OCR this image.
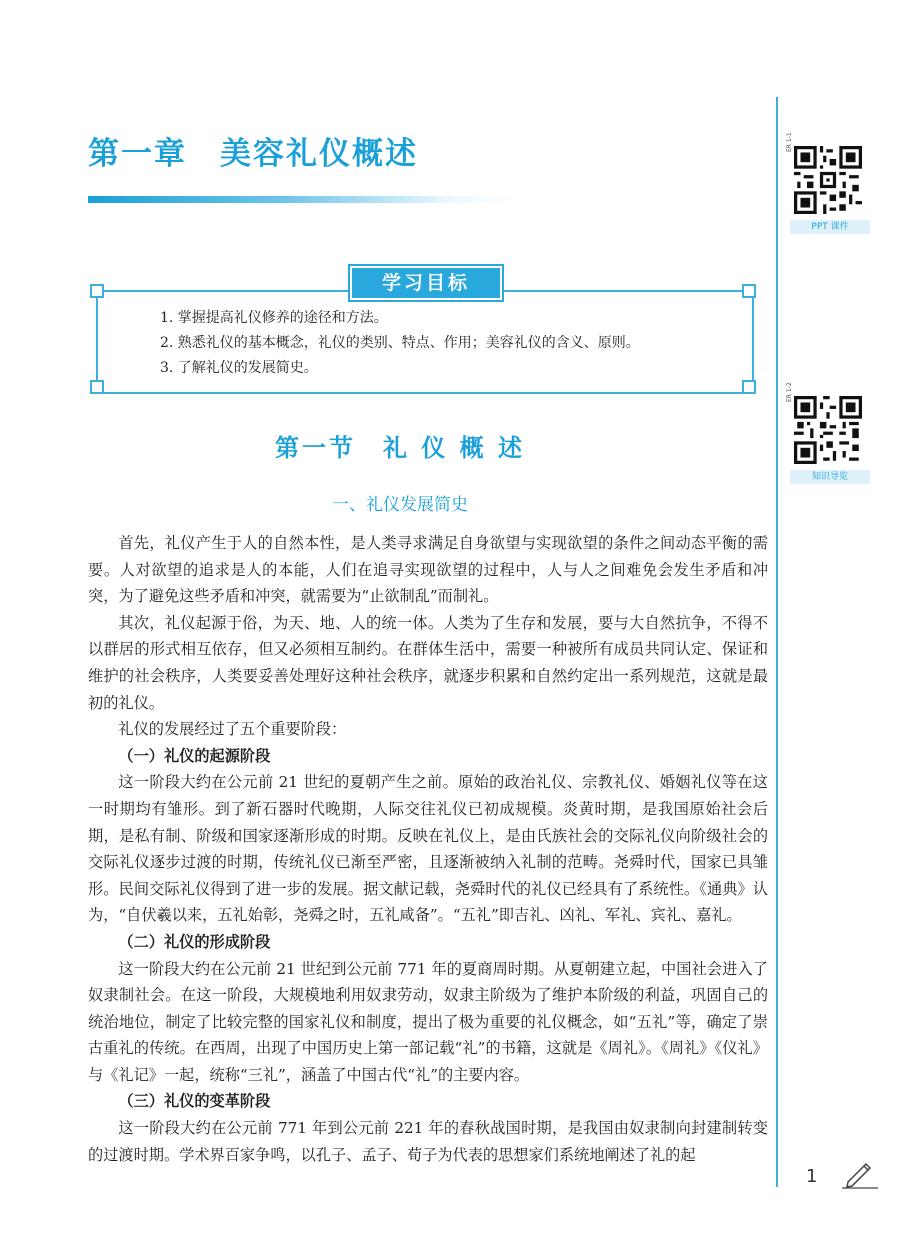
第一章　美容礼仪概述	ER 1-1
PPT 课件
ER 1-2
知识导览
学习目标
1. 掌握提高礼仪修养的途径和方法。
2. 熟悉礼仪的基本概念，礼仪的类别、特点、作用；美容礼仪的含义、原则。
3. 了解礼仪的发展简史。
第一节　礼 仪 概 述
一、礼仪发展简史

首先，礼仪产生于人的自然本性，是人类寻求满足自身欲望与实现欲望的条件之间动态平衡的需要。人对欲望的追求是人的本能，人们在追寻实现欲望的过程中，人与人之间难免会发生矛盾和冲突，为了避免这些矛盾和冲突，就需要为“止欲制乱”而制礼。

其次，礼仪起源于俗，为天、地、人的统一体。人类为了生存和发展，要与大自然抗争，不得不以群居的形式相互依存，但又必须相互制约。在群体生活中，需要一种被所有成员共同认定、保证和维护的社会秩序，人类要妥善处理好这种社会秩序，就逐步积累和自然约定出一系列规范，这就是最初的礼仪。

礼仪的发展经过了五个重要阶段：

（一）礼仪的起源阶段

这一阶段大约在公元前 21 世纪的夏朝产生之前。原始的政治礼仪、宗教礼仪、婚姻礼仪等在这一时期均有雏形。到了新石器时代晚期，人际交往礼仪已初成规模。炎黄时期，是我国原始社会后期，是私有制、阶级和国家逐渐形成的时期。反映在礼仪上，是由氏族社会的交际礼仪向阶级社会的交际礼仪逐步过渡的时期，传统礼仪已渐至严密，且逐渐被纳入礼制的范畴。尧舜时代，国家已具雏形。民间交际礼仪得到了进一步的发展。据文献记载，尧舜时代的礼仪已经具有了系统性。《通典》认为，“自伏羲以来，五礼始彰，尧舜之时，五礼咸备”。“五礼”即吉礼、凶礼、军礼、宾礼、嘉礼。

（二）礼仪的形成阶段

这一阶段大约在公元前 21 世纪到公元前 771 年的夏商周时期。从夏朝建立起，中国社会进入了奴隶制社会。在这一阶段，大规模地利用奴隶劳动，奴隶主阶级为了维护本阶级的利益，巩固自己的统治地位，制定了比较完整的国家礼仪和制度，提出了极为重要的礼仪概念，如“五礼”等，确定了崇古重礼的传统。在西周，出现了中国历史上第一部记载“礼”的书籍，这就是《周礼》。《周礼》《仪礼》与《礼记》一起，统称“三礼”，涵盖了中国古代“礼”的主要内容。

（三）礼仪的变革阶段

这一阶段大约在公元前 771 年到公元前 221 年的春秋战国时期，是我国由奴隶制向封建制转变的过渡时期。学术界百家争鸣，以孔子、孟子、荀子为代表的思想家们系统地阐述了礼的起

1
